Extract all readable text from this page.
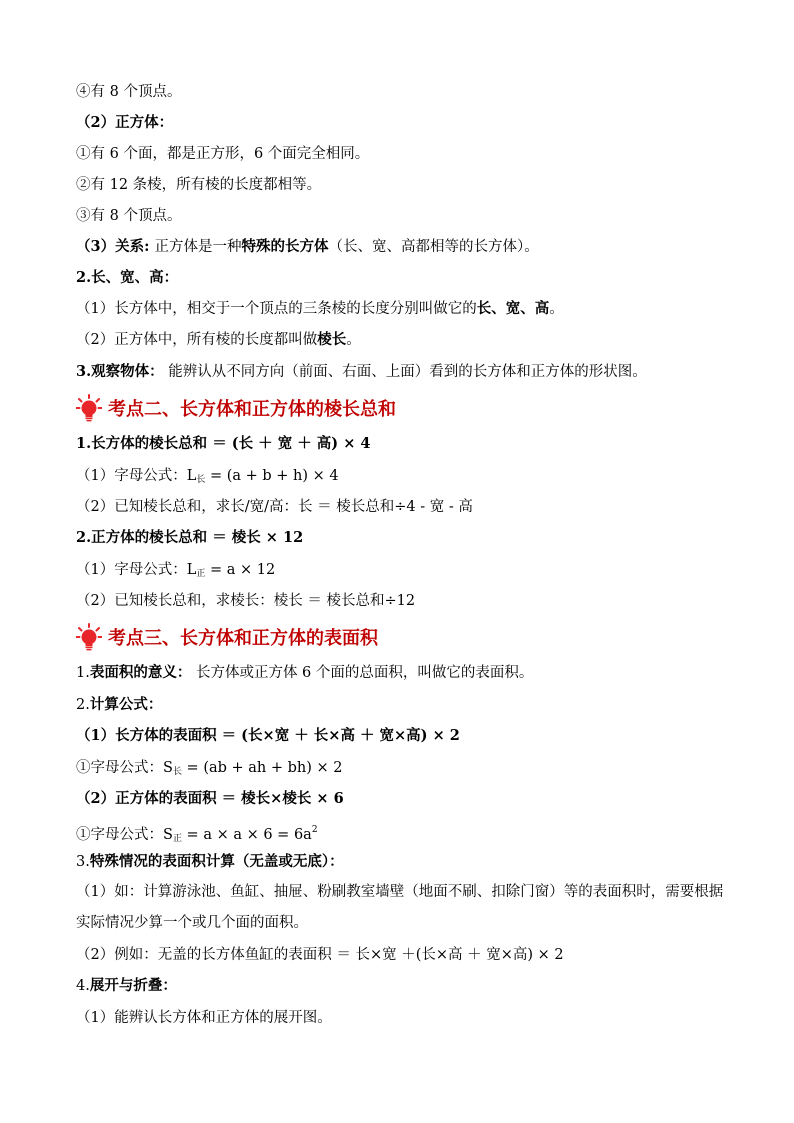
④有 8 个顶点。
（2）正方体：
①有 6 个面，都是正方形，6 个面完全相同。
②有 12 条棱，所有棱的长度都相等。
③有 8 个顶点。
（3）关系: 正方体是一种特殊的长方体（长、宽、高都相等的长方体）。
2.长、宽、高：
（1）长方体中，相交于一个顶点的三条棱的长度分别叫做它的长、宽、高。
（2）正方体中，所有棱的长度都叫做棱长。
3.观察物体： 能辨认从不同方向（前面、右面、上面）看到的长方体和正方体的形状图。
考点二、长方体和正方体的棱长总和
1.长方体的棱长总和 ＝ (长 ＋ 宽 ＋ 高) × 4
（1）字母公式：$L_长 = (a + b + h) \times 4$
（2）已知棱长总和，求长/宽/高：长 ＝ 棱长总和÷4 - 宽 - 高
2.正方体的棱长总和 ＝ 棱长 × 12
（1）字母公式：$L_正 = a \times 12$
（2）已知棱长总和，求棱长：棱长 ＝ 棱长总和÷12
考点三、长方体和正方体的表面积
1.表面积的意义： 长方体或正方体 6 个面的总面积，叫做它的表面积。
2.计算公式：
（1）长方体的表面积 ＝ (长×宽 ＋ 长×高 ＋ 宽×高) × 2
①字母公式：$S_长 = (ab$ + ah + bh) × 2
（2）正方体的表面积 ＝ 棱长×棱长 × 6
①字母公式：$S_正 = a \times a \times 6 = 6a^2$
3.特殊情况的表面积计算（无盖或无底）：
（1）如：计算游泳池、鱼缸、抽屉、粉刷教室墙壁（地面不刷、扣除门窗）等的表面积时，需要根据实际情况少算一个或几个面的面积。
（2）例如：无盖的长方体鱼缸的表面积 ＝ 长×宽 ＋(长×高 ＋ 宽×高) × 2
4.展开与折叠：
（1）能辨认长方体和正方体的展开图。
